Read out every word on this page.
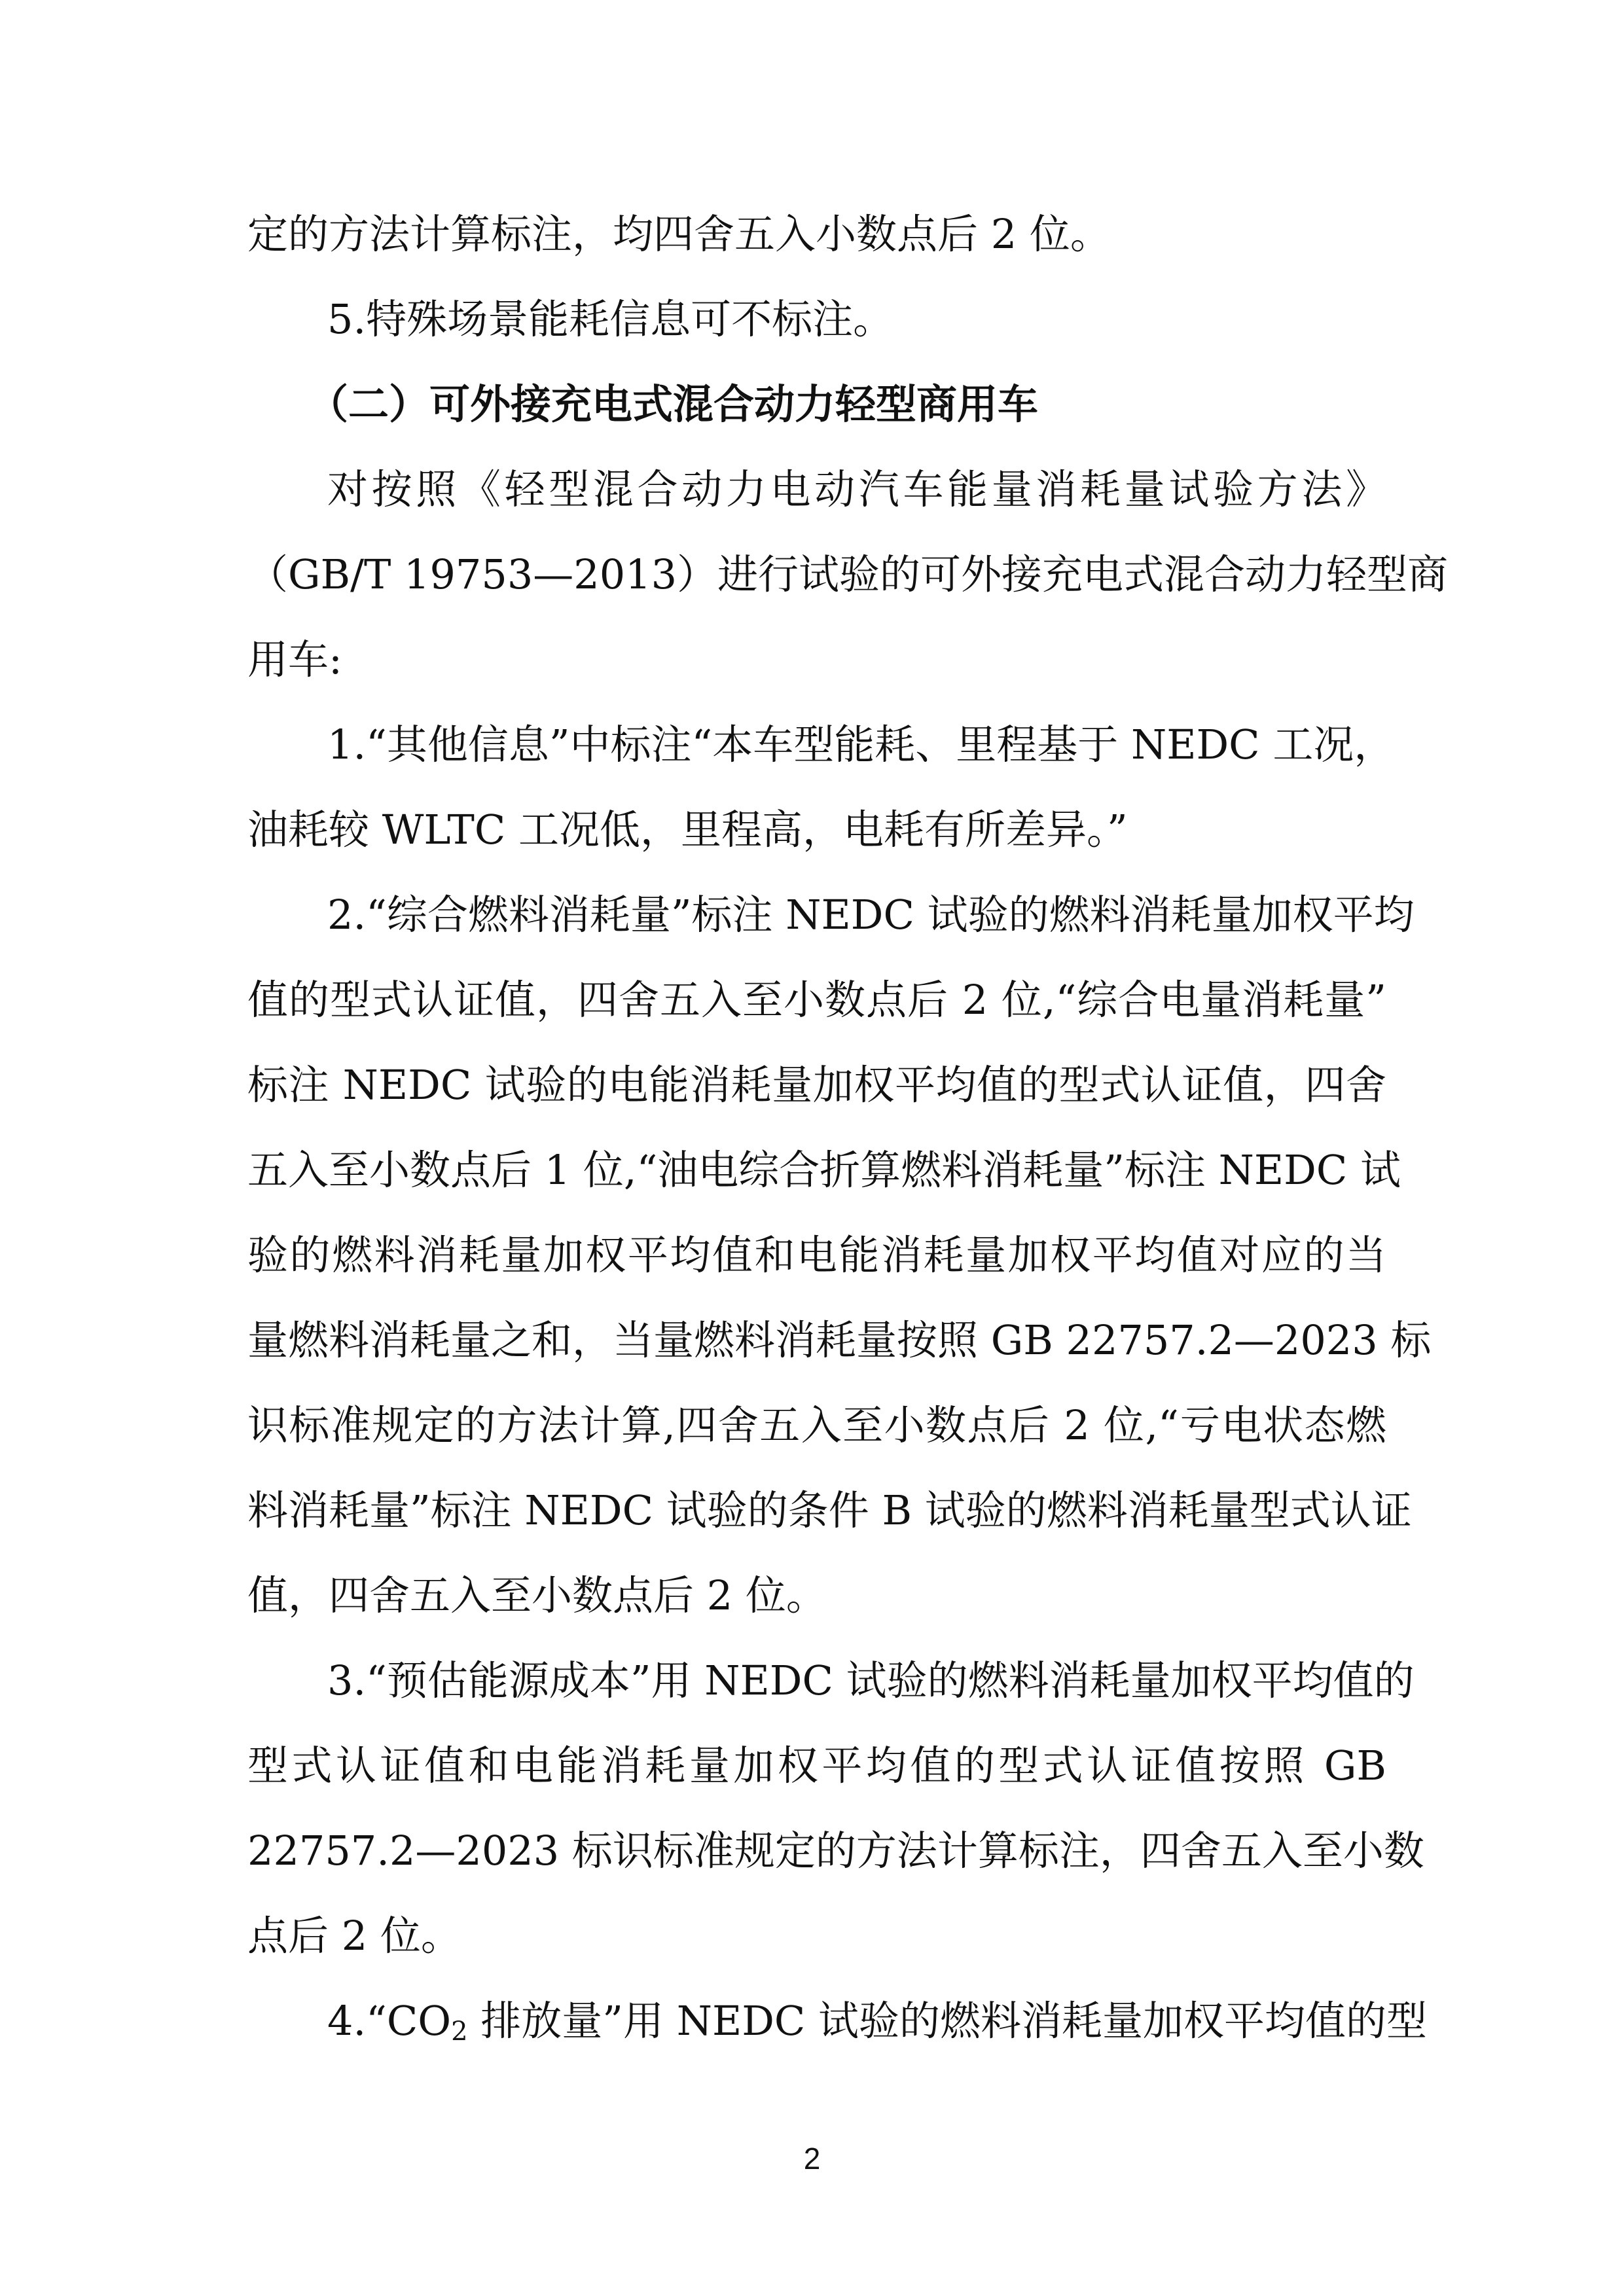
定的方法计算标注，均四舍五入小数点后 2 位。
5.特殊场景能耗信息可不标注。
（二）可外接充电式混合动力轻型商用车
对按照《轻型混合动力电动汽车能量消耗量试验方法》
（GB/T 19753—2013）进行试验的可外接充电式混合动力轻型商
用车:
1.“其他信息”中标注“本车型能耗、里程基于 NEDC 工况，
油耗较 WLTC 工况低，里程高，电耗有所差异。”
2.“综合燃料消耗量”标注 NEDC 试验的燃料消耗量加权平均
值的型式认证值，四舍五入至小数点后 2 位,“综合电量消耗量”
标注 NEDC 试验的电能消耗量加权平均值的型式认证值，四舍
五入至小数点后 1 位,“油电综合折算燃料消耗量”标注 NEDC 试
验的燃料消耗量加权平均值和电能消耗量加权平均值对应的当
量燃料消耗量之和，当量燃料消耗量按照 GB 22757.2—2023 标
识标准规定的方法计算,四舍五入至小数点后 2 位,“亏电状态燃
料消耗量”标注 NEDC 试验的条件 B 试验的燃料消耗量型式认证
值，四舍五入至小数点后 2 位。
3.“预估能源成本”用 NEDC 试验的燃料消耗量加权平均值的
型式认证值和电能消耗量加权平均值的型式认证值按照 GB
22757.2—2023 标识标准规定的方法计算标注，四舍五入至小数
点后 2 位。
$4.“CO_2$ 排放量”用 NEDC 试验的燃料消耗量加权平均值的型
2
